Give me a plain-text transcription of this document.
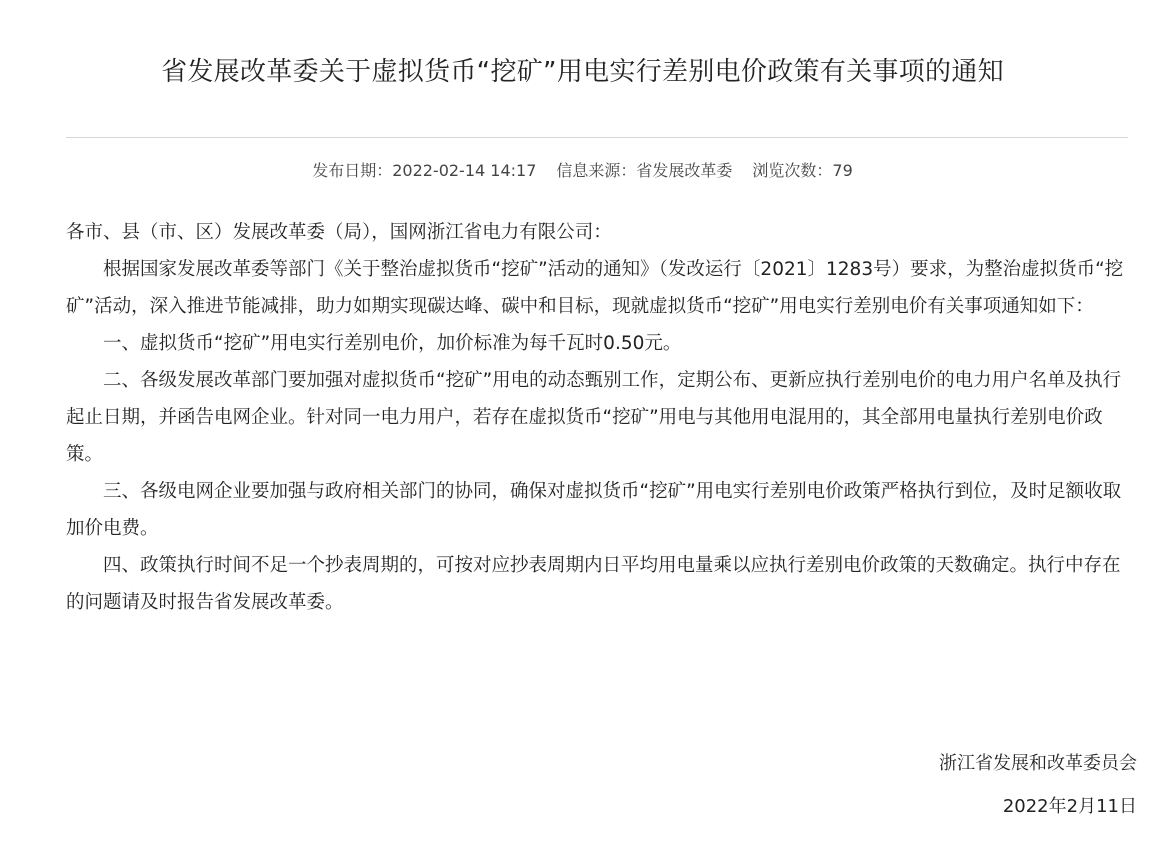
省发展改革委关于虚拟货币“挖矿”用电实行差别电价政策有关事项的通知
发布日期：2022-02-14 14:17 信息来源：省发展改革委 浏览次数：79

各市、县（市、区）发展改革委（局），国网浙江省电力有限公司：

根据国家发展改革委等部门《关于整治虚拟货币“挖矿”活动的通知》（发改运行〔2021〕1283号）要求，为整治虚拟货币“挖矿”活动，深入推进节能减排，助力如期实现碳达峰、碳中和目标，现就虚拟货币“挖矿”用电实行差别电价有关事项通知如下：

一、虚拟货币“挖矿”用电实行差别电价，加价标准为每千瓦时0.50元。

二、各级发展改革部门要加强对虚拟货币“挖矿”用电的动态甄别工作，定期公布、更新应执行差别电价的电力用户名单及执行起止日期，并函告电网企业。针对同一电力用户，若存在虚拟货币“挖矿”用电与其他用电混用的，其全部用电量执行差别电价政策。

三、各级电网企业要加强与政府相关部门的协同，确保对虚拟货币“挖矿”用电实行差别电价政策严格执行到位，及时足额收取加价电费。

四、政策执行时间不足一个抄表周期的，可按对应抄表周期内日平均用电量乘以应执行差别电价政策的天数确定。执行中存在的问题请及时报告省发展改革委。

浙江省发展和改革委员会
2022年2月11日
